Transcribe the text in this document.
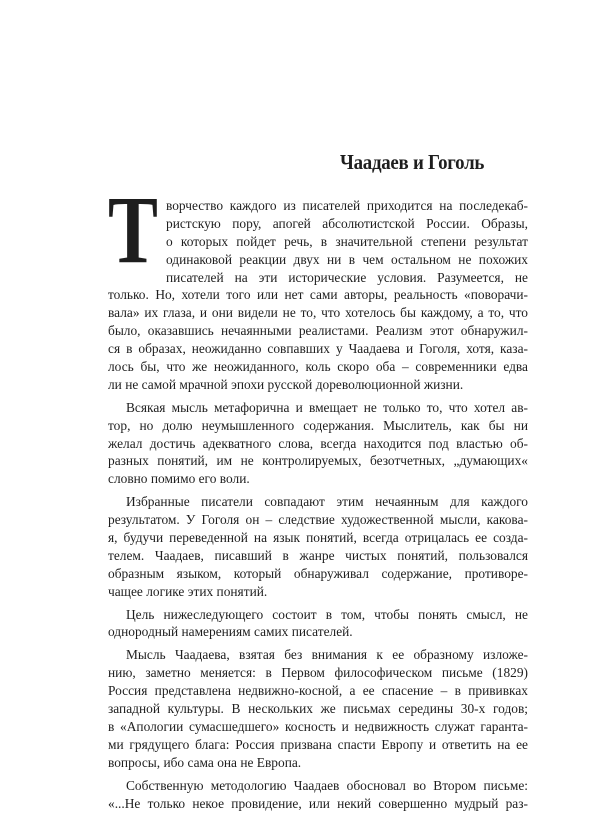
Чаадаев и Гоголь
Т ворчество каждого из писателей приходится на последекаб-
ристскую пору, апогей абсолютистской России. Образы,
о которых пойдет речь, в значительной степени результат
одинаковой реакции двух ни в чем остальном не похожих
писателей на эти исторические условия. Разумеется, не
только. Но, хотели того или нет сами авторы, реальность «поворачи-
вала» их глаза, и они видели не то, что хотелось бы каждому, а то, что
было, оказавшись нечаянными реалистами. Реализм этот обнаружил-
ся в образах, неожиданно совпавших у Чаадаева и Гоголя, хотя, каза-
лось бы, что же неожиданного, коль скоро оба – современники едва
ли не самой мрачной эпохи русской дореволюционной жизни.
Всякая мысль метафорична и вмещает не только то, что хотел ав-
тор, но долю неумышленного содержания. Мыслитель, как бы ни
желал достичь адекватного слова, всегда находится под властью об-
разных понятий, им не контролируемых, безотчетных, „думающих«
словно помимо его воли.
Избранные писатели совпадают этим нечаянным для каждого
результатом. У Гоголя он – следствие художественной мысли, какова-
я, будучи переведенной на язык понятий, всегда отрицалась ее созда-
телем. Чаадаев, писавший в жанре чистых понятий, пользовался
образным языком, который обнаруживал содержание, противоре-
чащее логике этих понятий.
Цель нижеследующего состоит в том, чтобы понять смысл, не
однородный намерениям самих писателей.
Мысль Чаадаева, взятая без внимания к ее образному изложе-
нию, заметно меняется: в Первом философическом письме (1829)
Россия представлена недвижно-косной, а ее спасение – в прививках
западной культуры. В нескольких же письмах середины 30-х годов;
в «Апологии сумасшедшего» косность и недвижность служат гаранта-
ми грядущего блага: Россия призвана спасти Европу и ответить на ее
вопросы, ибо сама она не Европа.
Собственную методологию Чаадаев обосновал во Втором письме:
«...Не только некое провидение, или некий совершенно мудрый раз-
